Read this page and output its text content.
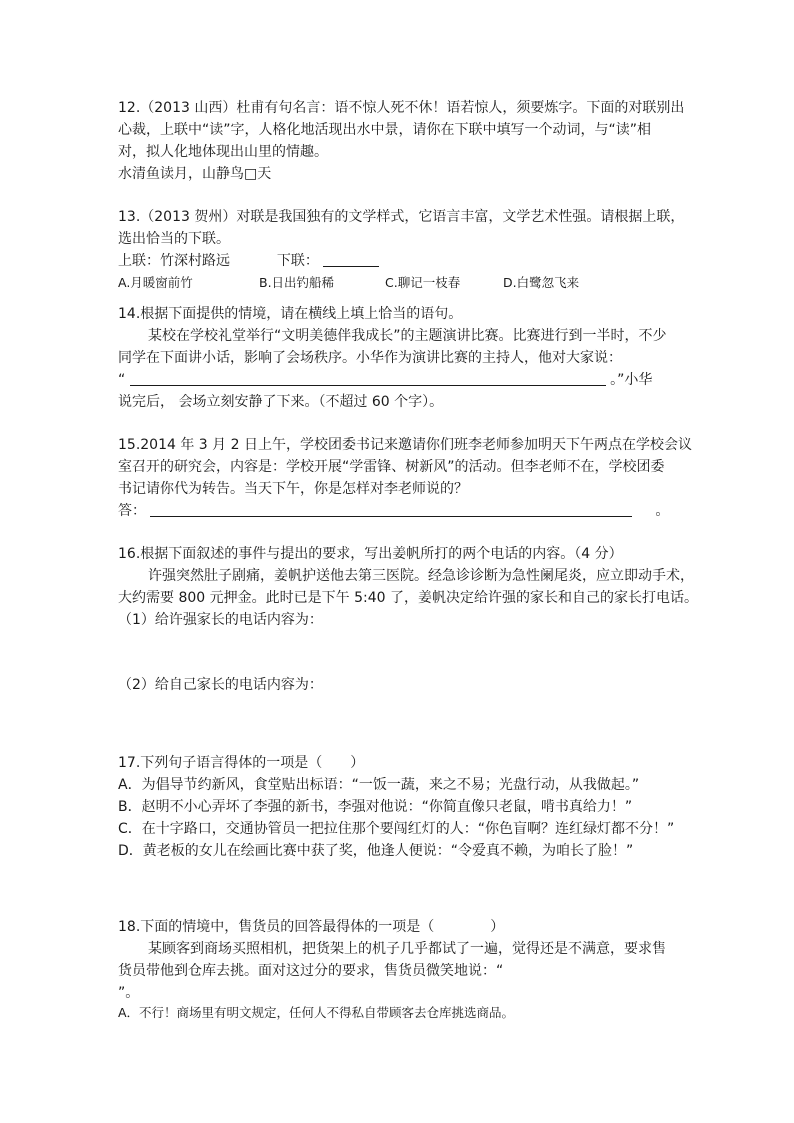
12.（2013 山西）杜甫有句名言：语不惊人死不休！语若惊人，须要炼字。下面的对联别出
心裁，上联中“读”字，人格化地活现出水中景，请你在下联中填写一个动词，与“读”相
对，拟人化地体现出山里的情趣。
水清鱼读月，山静鸟□天
13.（2013 贺州）对联是我国独有的文学样式，它语言丰富，文学艺术性强。请根据上联，
选出恰当的下联。
上联：竹深村路远	下联：
A.月暖窗前竹	B.日出钓船稀	C.聊记一枝春	D.白鹭忽飞来
14.根据下面提供的情境，请在横线上填上恰当的语句。
某校在学校礼堂举行“文明美德伴我成长”的主题演讲比赛。比赛进行到一半时，不少
同学在下面讲小话，影响了会场秩序。小华作为演讲比赛的主持人，他对大家说：
“	。”小华
说完后， 会场立刻安静了下来。（不超过 60 个字）。
15.2014 年 3 月 2 日上午，学校团委书记来邀请你们班李老师参加明天下午两点在学校会议
室召开的研究会，内容是：学校开展“学雷锋、树新风”的活动。但李老师不在，学校团委
书记请你代为转告。当天下午，你是怎样对李老师说的？
答：	。
16.根据下面叙述的事件与提出的要求，写出姜帆所打的两个电话的内容。（4 分）
许强突然肚子剧痛，姜帆护送他去第三医院。经急诊诊断为急性阑尾炎，应立即动手术，
大约需要 800 元押金。此时已是下午 5:40 了，姜帆决定给许强的家长和自己的家长打电话。
（1）给许强家长的电话内容为：
（2）给自己家长的电话内容为：
17.下列句子语言得体的一项是（　　）
A．为倡导节约新风，食堂贴出标语：“一饭一蔬，来之不易；光盘行动，从我做起。”
B．赵明不小心弄坏了李强的新书，李强对他说：“你简直像只老鼠，啃书真给力！”
C．在十字路口，交通协管员一把拉住那个要闯红灯的人：“你色盲啊？连红绿灯都不分！”
D．黄老板的女儿在绘画比赛中获了奖，他逢人便说：“令爱真不赖，为咱长了脸！”
18.下面的情境中，售货员的回答最得体的一项是（　　　　）
某顾客到商场买照相机，把货架上的机子几乎都试了一遍，觉得还是不满意，要求售
货员带他到仓库去挑。面对这过分的要求，售货员微笑地说：“
”。
A．不行！商场里有明文规定，任何人不得私自带顾客去仓库挑选商品。
